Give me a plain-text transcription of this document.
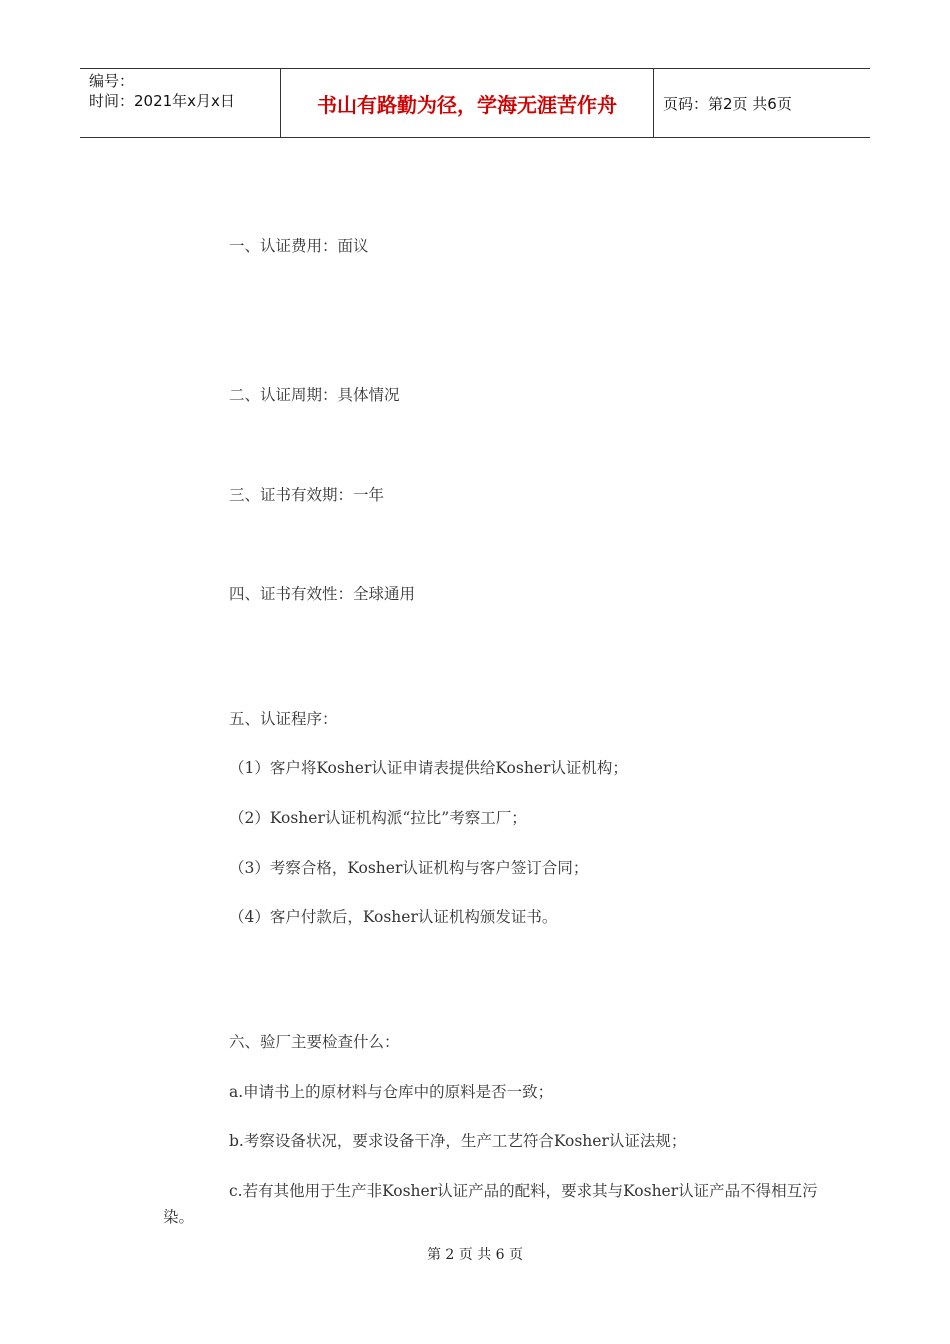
编号：
时间：2021年x月x日	书山有路勤为径，学海无涯苦作舟	页码：第2页 共6页
一、认证费用：面议
二、认证周期：具体情况
三、证书有效期：一年
四、证书有效性：全球通用
五、认证程序：
（1）客户将Kosher认证申请表提供给Kosher认证机构；
（2）Kosher认证机构派“拉比”考察工厂；
（3）考察合格，Kosher认证机构与客户签订合同；
（4）客户付款后，Kosher认证机构颁发证书。
六、验厂主要检查什么：
a.申请书上的原材料与仓库中的原料是否一致；
b.考察设备状况，要求设备干净，生产工艺符合Kosher认证法规；
c.若有其他用于生产非Kosher认证产品的配料，要求其与Kosher认证产品不得相互污染。
第 2 页 共 6 页
